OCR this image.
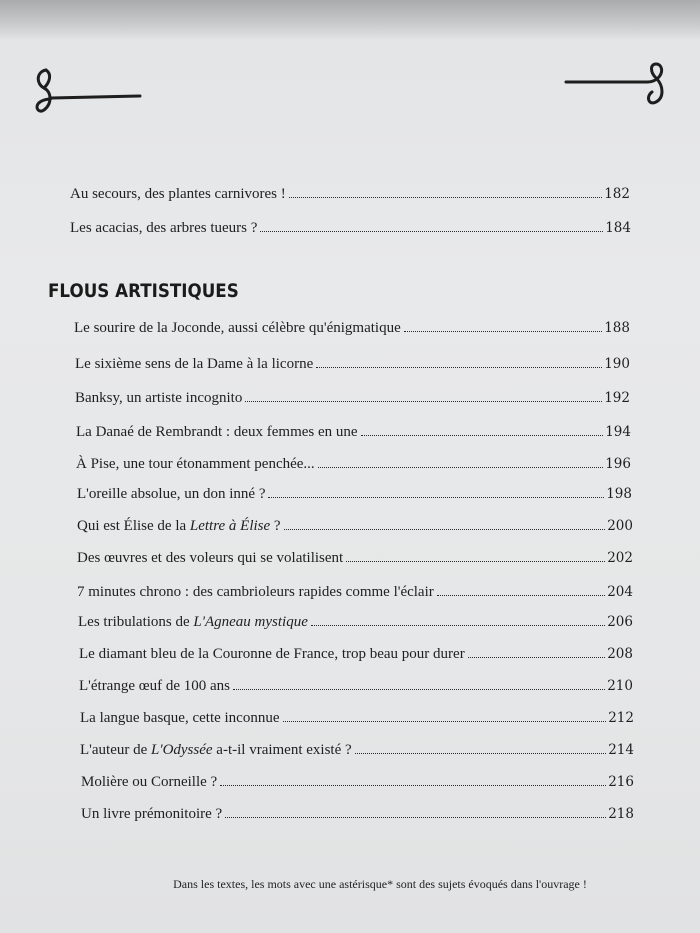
Au secours, des plantes carnivores !	182
Les acacias, des arbres tueurs ?	184
FLOUS ARTISTIQUES
Le sourire de la Joconde, aussi célèbre qu'énigmatique	188
Le sixième sens de la Dame à la licorne	190
Banksy, un artiste incognito	192
La Danaé de Rembrandt : deux femmes en une	194
À Pise, une tour étonamment penchée...	196
L'oreille absolue, un don inné ?	198
Qui est Élise de la Lettre à Élise ?	200
Des œuvres et des voleurs qui se volatilisent	202
7 minutes chrono : des cambrioleurs rapides comme l'éclair	204
Les tribulations de L'Agneau mystique	206
Le diamant bleu de la Couronne de France, trop beau pour durer	208
L'étrange œuf de 100 ans	210
La langue basque, cette inconnue	212
L'auteur de L'Odyssée a-t-il vraiment existé ?	214
Molière ou Corneille ?	216
Un livre prémonitoire ?	218
Dans les textes, les mots avec une astérisque* sont des sujets évoqués dans l'ouvrage !
